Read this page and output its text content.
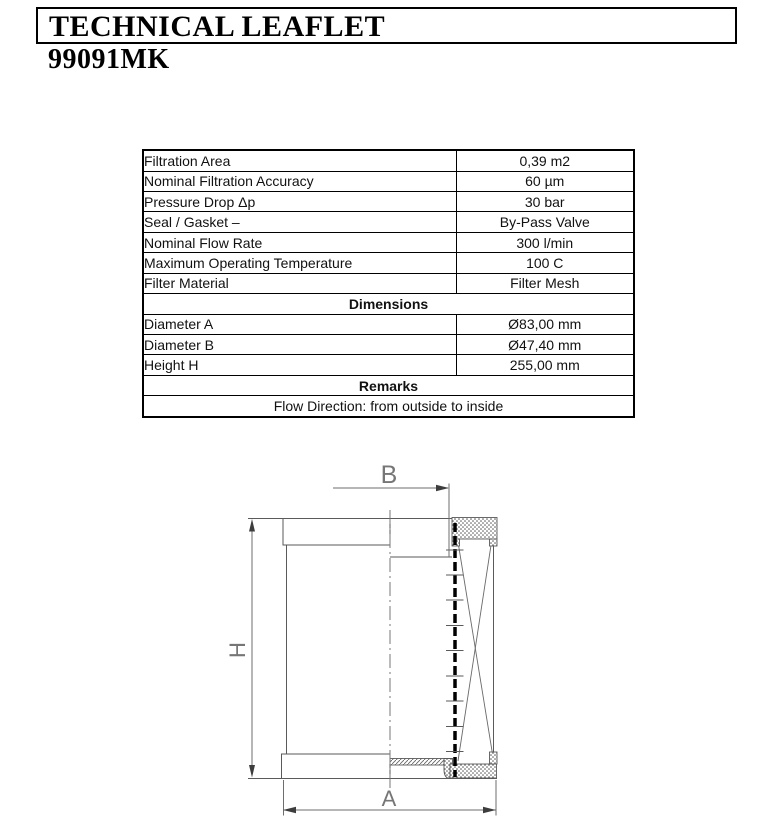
TECHNICAL LEAFLET
99091MK
Filtration Area	0,39 m2
Nominal Filtration Accuracy	60 µm
Pressure Drop Δp	30 bar
Seal / Gasket –	By-Pass Valve
Nominal Flow Rate	300 l/min
Maximum Operating Temperature	100 C
Filter Material	Filter Mesh
Dimensions	
Diameter A	Ø83,00 mm
Diameter B	Ø47,40 mm
Height H	255,00 mm
Remarks	
Flow Direction: from outside to inside	
B
H
A
